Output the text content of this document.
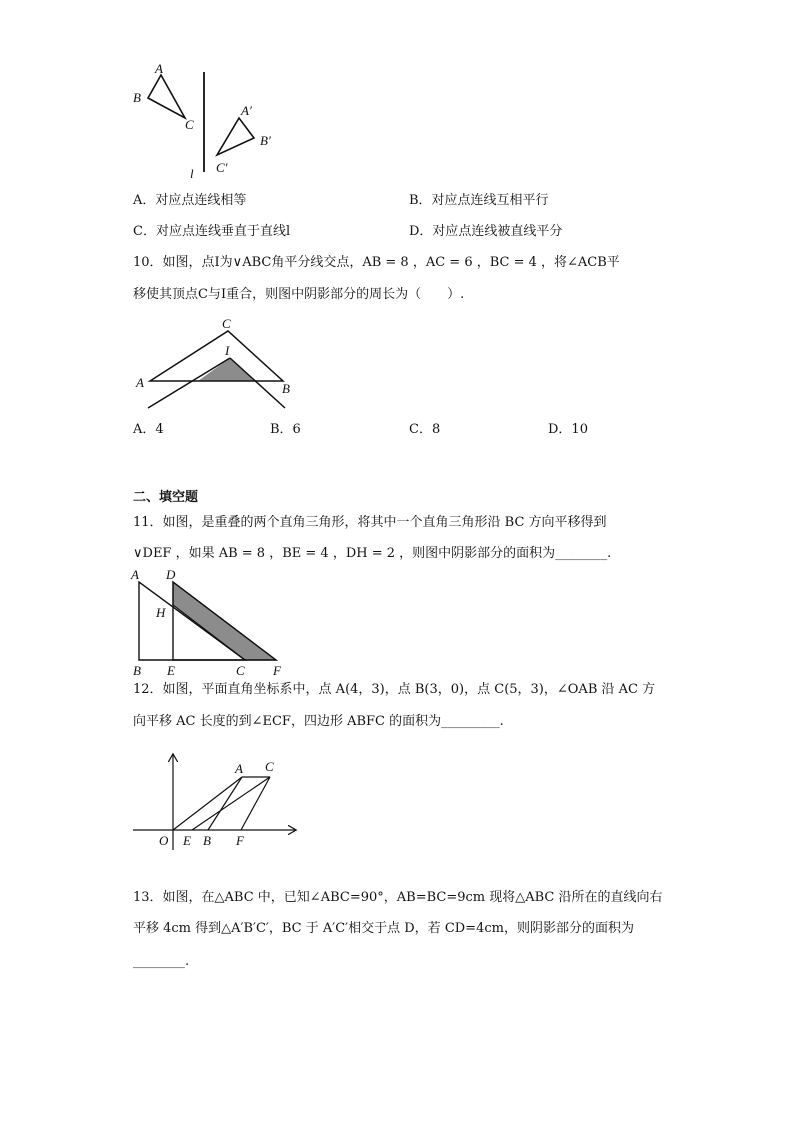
A
B
C
A′
B′
C′
l
A．对应点连线相等	B．对应点连线互相平行
C．对应点连线垂直于直线l	D．对应点连线被直线平分
10．如图，点I为∨ABC角平分线交点，AB = 8 ，AC = 6 ，BC = 4 ，将∠ACB平
移使其顶点C与I重合，则图中阴影部分的周长为（　　）.
C
I
A	B
A．4	B．6	C．8	D．10
二、填空题
11．如图，是重叠的两个直角三角形，将其中一个直角三角形沿 BC 方向平移得到
∨DEF ，如果 AB = 8 ，BE = 4 ，DH = 2 ，则图中阴影部分的面积为________.
A D
H
B E	C F
12．如图，平面直角坐标系中，点 A(4，3)，点 B(3，0)，点 C(5，3)，∠OAB 沿 AC 方
向平移 AC 长度的到∠ECF，四边形 ABFC 的面积为_________.
A C
O E B F
13．如图，在△ABC 中，已知∠ABC=90°，AB=BC=9cm 现将△ABC 沿所在的直线向右
平移 4cm 得到△A′B′C′，BC 于 A′C′相交于点 D，若 CD=4cm，则阴影部分的面积为
________.
